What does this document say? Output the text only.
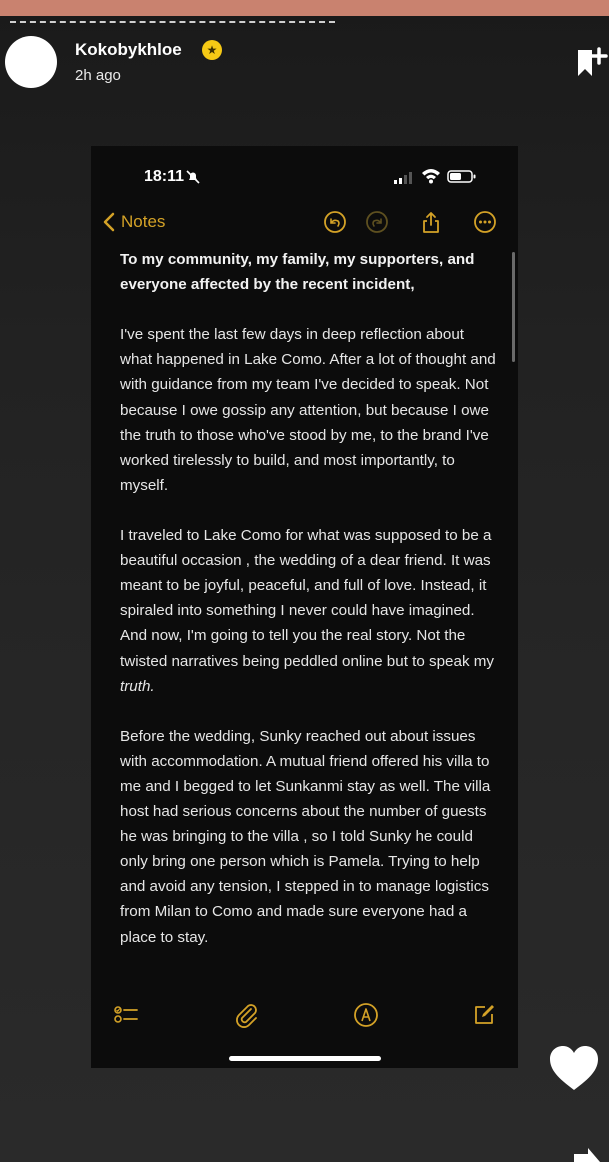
Kokobykhloe	★
2h ago
18:11
Notes

To my community, my family, my supporters, and everyone affected by the recent incident,

I've spent the last few days in deep reflection about what happened in Lake Como. After a lot of thought and with guidance from my team I've decided to speak. Not because I owe gossip any attention, but because I owe the truth to those who've stood by me, to the brand I've worked tirelessly to build, and most importantly, to myself.

I traveled to Lake Como for what was supposed to be a beautiful occasion , the wedding of a dear friend. It was meant to be joyful, peaceful, and full of love. Instead, it spiraled into something I never could have imagined. And now, I'm going to tell you the real story. Not the twisted narratives being peddled online but to speak my  truth.

Before the wedding, Sunky reached out about issues with accommodation. A mutual friend offered his villa to me and I begged to let Sunkanmi stay as well. The villa host had serious concerns about the number of guests he was bringing to the villa , so I told Sunky he could only bring one person which is Pamela. Trying to help and avoid any tension, I stepped in to manage logistics from Milan to Como and made sure everyone had a place to stay.
